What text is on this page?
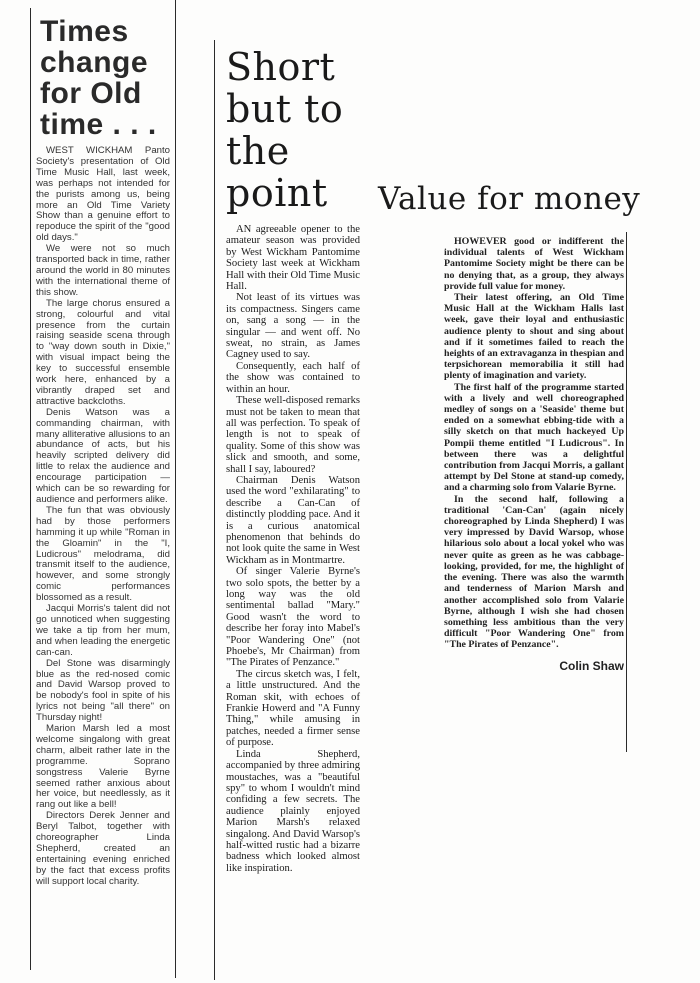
Times change for Old time . . .

WEST WICKHAM Panto Society's presentation of Old Time Music Hall, last week, was perhaps not intended for the purists among us, being more an Old Time Variety Show than a genuine effort to repoduce the spirit of the "good old days."

We were not so much transported back in time, rather around the world in 80 minutes with the international theme of this show.

The large chorus ensured a strong, colourful and vital presence from the curtain raising seaside scena through to "way down south in Dixie," with visual impact being the key to successful ensemble work here, enhanced by a vibrantly draped set and attractive backcloths.

Denis Watson was a commanding chairman, with many alliterative allusions to an abundance of acts, but his heavily scripted delivery did little to relax the audience and encourage participation — which can be so rewarding for audience and performers alike.

The fun that was obviously had by those performers hamming it up while "Roman in the Gloamin" in the "I, Ludicrous" melodrama, did transmit itself to the audience, however, and some strongly comic performances blossomed as a result.

Jacqui Morris's talent did not go unnoticed when suggesting we take a tip from her mum, and when leading the energetic can-can.

Del Stone was disarmingly blue as the red-nosed comic and David Warsop proved to be nobody's fool in spite of his lyrics not being "all there" on Thursday night!

Marion Marsh led a most welcome singalong with great charm, albeit rather late in the programme. Soprano songstress Valerie Byrne seemed rather anxious about her voice, but needlessly, as it rang out like a bell!

Directors Derek Jenner and Beryl Talbot, together with choreographer Linda Shepherd, created an entertaining evening enriched by the fact that excess profits will support local charity.

Short but to the point

AN agreeable opener to the amateur season was provided by West Wickham Pantomime Society last week at Wickham Hall with their Old Time Music Hall.

Not least of its virtues was its compactness. Singers came on, sang a song — in the singular — and went off. No sweat, no strain, as James Cagney used to say.

Consequently, each half of the show was contained to within an hour.

These well-disposed remarks must not be taken to mean that all was perfection. To speak of length is not to speak of quality. Some of this show was slick and smooth, and some, shall I say, laboured?

Chairman Denis Watson used the word "exhilarating" to describe a Can-Can of distinctly plodding pace. And it is a curious anatomical phenomenon that behinds do not look quite the same in West Wickham as in Montmartre.

Of singer Valerie Byrne's two solo spots, the better by a long way was the old sentimental ballad "Mary." Good wasn't the word to describe her foray into Mabel's "Poor Wandering One" (not Phoebe's, Mr Chairman) from "The Pirates of Penzance."

The circus sketch was, I felt, a little unstructured. And the Roman skit, with echoes of Frankie Howerd and "A Funny Thing," while amusing in patches, needed a firmer sense of purpose.

Linda Shepherd, accompanied by three admiring moustaches, was a "beautiful spy" to whom I wouldn't mind confiding a few secrets. The audience plainly enjoyed Marion Marsh's relaxed singalong. And David Warsop's half-witted rustic had a bizarre badness which looked almost like inspiration.

Value for money

HOWEVER good or indifferent the individual talents of West Wickham Pantomime Society might be there can be no denying that, as a group, they always provide full value for money.

Their latest offering, an Old Time Music Hall at the Wickham Halls last week, gave their loyal and enthusiastic audience plenty to shout and sing about and if it sometimes failed to reach the heights of an extravaganza in thespian and terpsichorean memorabilia it still had plenty of imagination and variety.

The first half of the programme started with a lively and well choreographed medley of songs on a 'Seaside' theme but ended on a somewhat ebbing-tide with a silly sketch on that much hackeyed Up Pompii theme entitled "I Ludicrous". In between there was a delightful contribution from Jacqui Morris, a gallant attempt by Del Stone at stand-up comedy, and a charming solo from Valarie Byrne.

In the second half, following a traditional 'Can-Can' (again nicely choreographed by Linda Shepherd) I was very impressed by David Warsop, whose hilarious solo about a local yokel who was never quite as green as he was cabbage-looking, provided, for me, the highlight of the evening. There was also the warmth and tenderness of Marion Marsh and another accomplished solo from Valarie Byrne, although I wish she had chosen something less ambitious than the very difficult "Poor Wandering One" from "The Pirates of Penzance".

Colin Shaw
